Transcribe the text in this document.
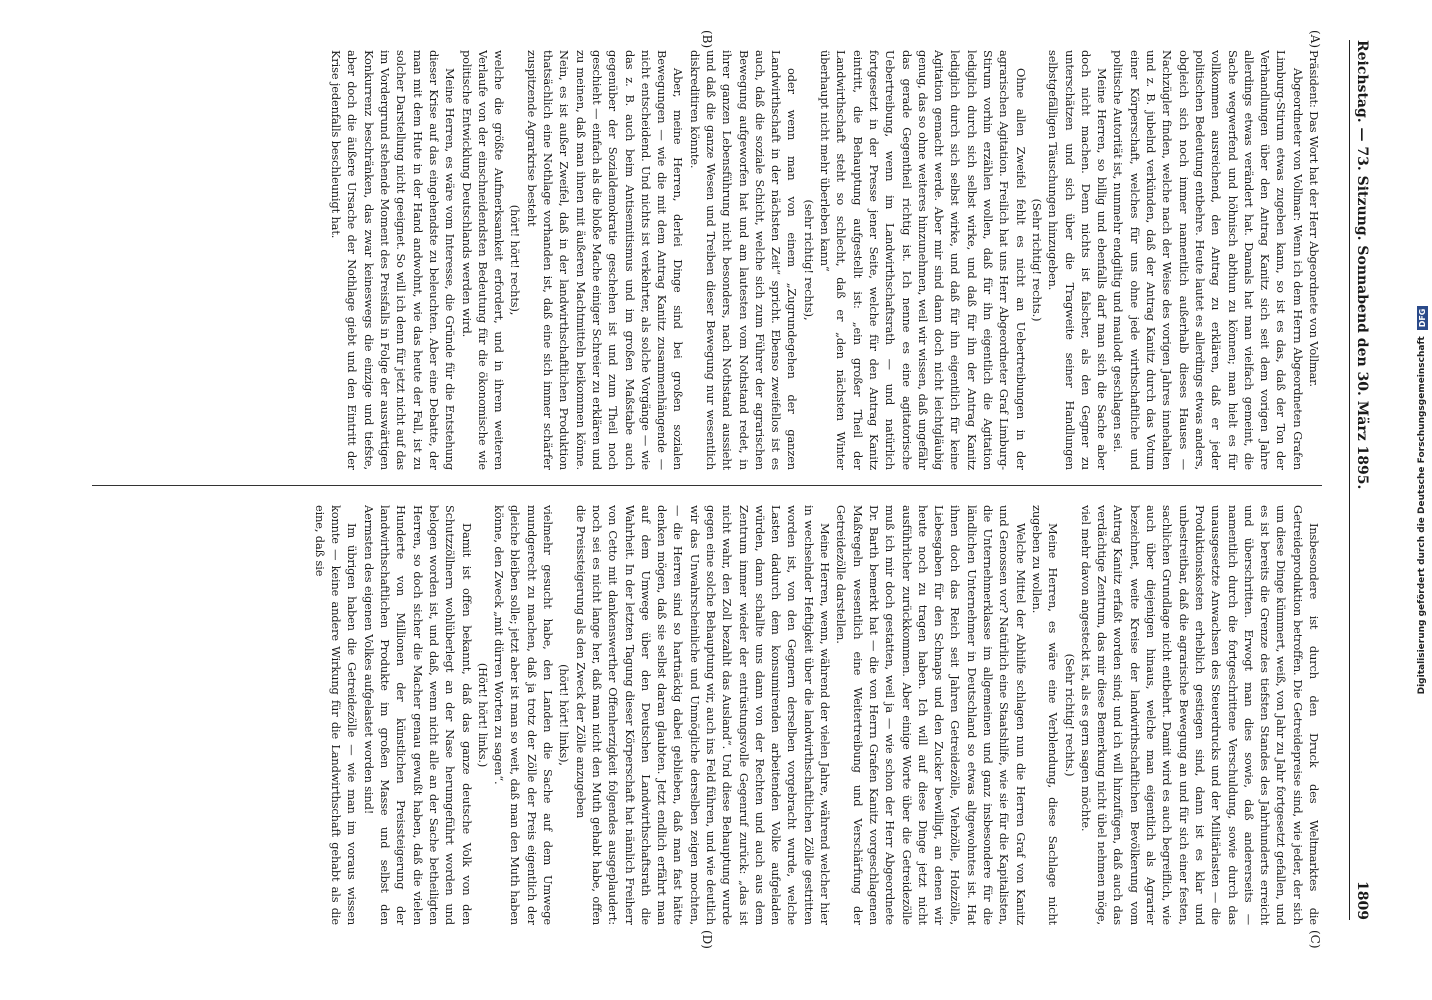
Reichstag. — 73. Sitzung. Sonnabend den 30. März 1895.
1809
(A)
(B)
(C)
(D)

Präsident: Das Wort hat der Herr Abgeordnete von Vollmar.

Abgeordneter von Vollmar: Wenn ich dem Herrn Abgeordneten Grafen Limburg-Stirum etwas zugeben kann, so ist es das, daß der Ton der Verhandlungen über den Antrag Kanitz sich seit dem vorigen Jahre allerdings etwas verändert hat. Damals hat man vielfach gemeint, die Sache wegwerfend und höhnisch abthun zu können; man hielt es für vollkommen ausreichend, den Antrag zu erklären, daß er jeder politischen Bedeutung entbehre. Heute lautet es allerdings etwas anders, obgleich sich noch immer namentlich außerhalb dieses Hauses — Nachzügler finden, welche nach der Weise des vorigen Jahres innehalten und z. B. jubelnd verkünden, daß der Antrag Kanitz durch das Votum einer Körperschaft, welches für uns ohne jede wirthschaftliche und politische Autorität ist, nunmehr endgiltig und maulodt geschlagen sei.

Meine Herren, so billig und ebenfalls darf man sich die Sache aber doch nicht machen. Denn nichts ist falscher, als den Gegner zu unterschätzen und sich über die Tragweite seiner Handlungen selbstgefälligen Täuschungen hinzugeben.

(Sehr richtig! rechts.)

Ohne allen Zweifel fehlt es nicht an Uebertreibungen in der agrarischen Agitation. Freilich hat uns Herr Abgeordneter Graf Limburg-Stirum vorhin erzählen wollen, daß für ihn eigentlich die Agitation lediglich durch sich selbst wirke, und daß für ihn der Antrag Kanitz lediglich durch sich selbst wirke, und daß für ihn eigentlich für keine Agitation gemacht werde. Aber mir sind dann doch nicht leichtgläubig genug, das so ohne weiteres hinzunehmen, weil wir wissen, daß ungefähr das gerade Gegentheil richtig ist. Ich nenne es eine agitatorische Uebertreibung, wenn im Landwirthschaftsrath — und natürlich fortgesetzt in der Presse jener Seite, welche für den Antrag Kanitz eintritt, die Behauptung aufgestellt ist: „ein großer Theil der Landwirthschaft steht so schlecht, daß er „den nächsten Winter überhaupt nicht mehr überleben kann“

(sehr richtig! rechts),

oder wenn man von einem „Zugrundegehen der ganzen Landwirthschaft in der nächsten Zeit“ spricht. Ebenso zweifellos ist es auch, daß die soziale Schicht, welche sich zum Führer der agrarischen Bewegung aufgeworfen hat und am lautesten vom Nothstand redet, in ihrer ganzen Lebensführung nicht besonders, nach Nothstand aussieht und daß die ganze Wesen und Treiben dieser Bewegung nur wesentlich diskreditiren könnte.

Aber, meine Herren, derlei Dinge sind bei großen sozialen Bewegungen — wie die mit dem Antrag Kanitz zusammenhängende — nicht entscheidend. Und nichts ist verkehrter, als solche Vorgänge — wie das z. B. auch beim Antisemitismus und im großen Maßstabe auch gegenüber der Sozialdemokratie geschehen ist und zum Theil noch geschieht — einfach als die bloße Mache einiger Schreier zu erklären und zu meinen, daß man ihnen mit äußeren Machtmitteln beikommen könne. Nein, es ist außer Zweifel, daß in der landwirthschaftlichen Produktion thatsächlich eine Nothlage vorhanden ist, daß eine sich immer schärfer zuspitzende Agrarkrise besteht

(hört! hört! rechts),

welche die größte Aufmerksamkeit erfordert, und in ihrem weiteren Verlaufe von der einschneidendsten Bedeutung für die ökonomische wie politische Entwicklung Deutschlands werden wird.

Meine Herren, es wäre vom Interesse, die Gründe für die Entstehung dieser Krise auf das eingehendste zu beleuchten. Aber eine Debatte, der man mit dem Hute in der Hand andwohnt, wie das heute der Fall, ist zu solcher Darstellung nicht geeignet. So will ich denn für jetzt nicht auf das im Vordergrund stehende Moment des Preisfalls in Folge der auswärtigen Konkurrenz beschränken, das zwar keineswegs die einzige und tiefste, aber doch die äußere Ursache der Nothlage giebt und den Eintritt der Krise jedenfalls beschleunigt hat.

Insbesondere ist durch den Druck des Weltmarktes die Getreideproduktion betroffen. Die Getreidepreise sind, wie jeder, der sich um diese Dinge kümmert, weiß, von Jahr zu Jahr fortgesetzt gefallen, und es ist bereits die Grenze des tiefsten Standes des Jahrhunderts erreicht und überschritten. Erwogt man dies sowie, daß andererseits — namentlich durch die fortgeschrittene Verschuldung, sowie durch das unausgesetzte Anwachsen des Steuerdrucks und der Militärlasten — die Produktionskosten erheblich gestiegen sind, dann ist es klar und unbestreitbar, daß die agrarische Bewegung an und für sich einer festen, sachlichen Grundlage nicht entbehrt. Damit wird es auch begreiflich, wie auch über diejenigen hinaus, welche man eigentlich als Agrarier bezeichnet, weite Kreise der landwirthschaftlichen Bevölkerung vom Antrag Kanitz erfaßt worden sind; und ich will hinzufügen, daß auch das verdächtige Zentrum, das mir diese Bemerkung nicht übel nehmen möge, viel mehr davon angesteckt ist, als es gern sagen möchte.

(Sehr richtig! rechts.)

Meine Herren, es wäre eine Verblendung, diese Sachlage nicht zugeben zu wollen.

Welche Mittel der Abhilfe schlagen nun die Herren Graf von Kanitz und Genossen vor? Natürlich eine Staatshilfe, wie sie für die Kapitalisten, die Unternehmerklasse im allgemeinen und ganz insbesondere für die ländlichen Unternehmer in Deutschland so etwas altgewohntes ist. Hat ihnen doch das Reich seit Jahren Getreidezölle, Viehzölle, Holzzölle, Liebesgaben für den Schnaps und den Zucker bewilligt, an denen wir heute noch zu tragen haben. Ich will auf diese Dinge jetzt nicht ausführlicher zurückkommen. Aber einige Worte über die Getreidezölle muß ich mir doch gestatten, weil ja — wie schon der Herr Abgeordnete Dr. Barth bemerkt hat — die von Herrn Grafen Kanitz vorgeschlagenen Maßregeln wesentlich eine Weitertreibung und Verschärfung der Getreidezölle darstellen.

Meine Herren, wenn, während der vielen Jahre, während welcher hier in wechselnder Heftigkeit über die landwirthschaftlichen Zölle gestritten worden ist, von den Gegnern derselben vorgebracht wurde, welche Lasten dadurch dem konsumirenden arbeitenden Volke aufgeladen würden, dann schallte uns dann von der Rechten und auch aus dem Zentrum immer wieder der entrüstungsvolle Gegenruf zurück: „das ist nicht wahr, den Zoll bezahlt das Ausland“. Und diese Behauptung wurde gegen eine solche Behauptung wir, auch ins Feld führen, und wie deutlich wir das Unwahrscheinliche und Unmögliche derselben zeigen mochten, — die Herren sind so hartnäckig dabei geblieben, daß man fast hätte denken mögen, daß sie selbst daran glaubten. Jetzt endlich erfährt man auf dem Umwege über den Deutschen Landwirthschaftsrath die Wahrheit. In der letzten Tagung dieser Körperschaft hat nämlich Freiherr von Cetto mit dankenswerther Offenherzigkeit folgendes ausgeplaudert: noch sei es nicht lange her, daß man nicht den Muth gehabt habe, offen die Preissteigerung als den Zweck der Zölle anzugeben

(hört! hört! links),

vielmehr gesucht habe, den Landen die Sache auf dem Umwege mundgerecht zu machen, daß ja trotz der Zölle der Preis eigentlich der gleiche bleiben solle; jetzt aber ist man so weit, daß man den Muth haben könne, den Zweck „mit dürren Worten zu sagen“.

(Hört! hört! links.)

Damit ist offen bekannt, daß das ganze deutsche Volk von den Schutzzöllnern wohlüberlegt an der Nase herumgeführt worden und belogen worden ist, und daß, wenn nicht alle an der Sache betheiligten Herren, so doch sicher die Macher genau gewußt haben, daß die vielen Hunderte von Millionen der künstlichen Preissteigerung der landwirthschaftlichen Produkte im großen Masse und selbst den Aermsten des eigenen Volkes aufgelastet worden sind!

Im übrigen haben die Getreidezölle — wie man im voraus wissen konnte — keine andere Wirkung für die Landwirthschaft gehabt als die eine, daß sie	Digitalisierung gefördert durch die Deutsche Forschungsgemeinschaft
DFG
